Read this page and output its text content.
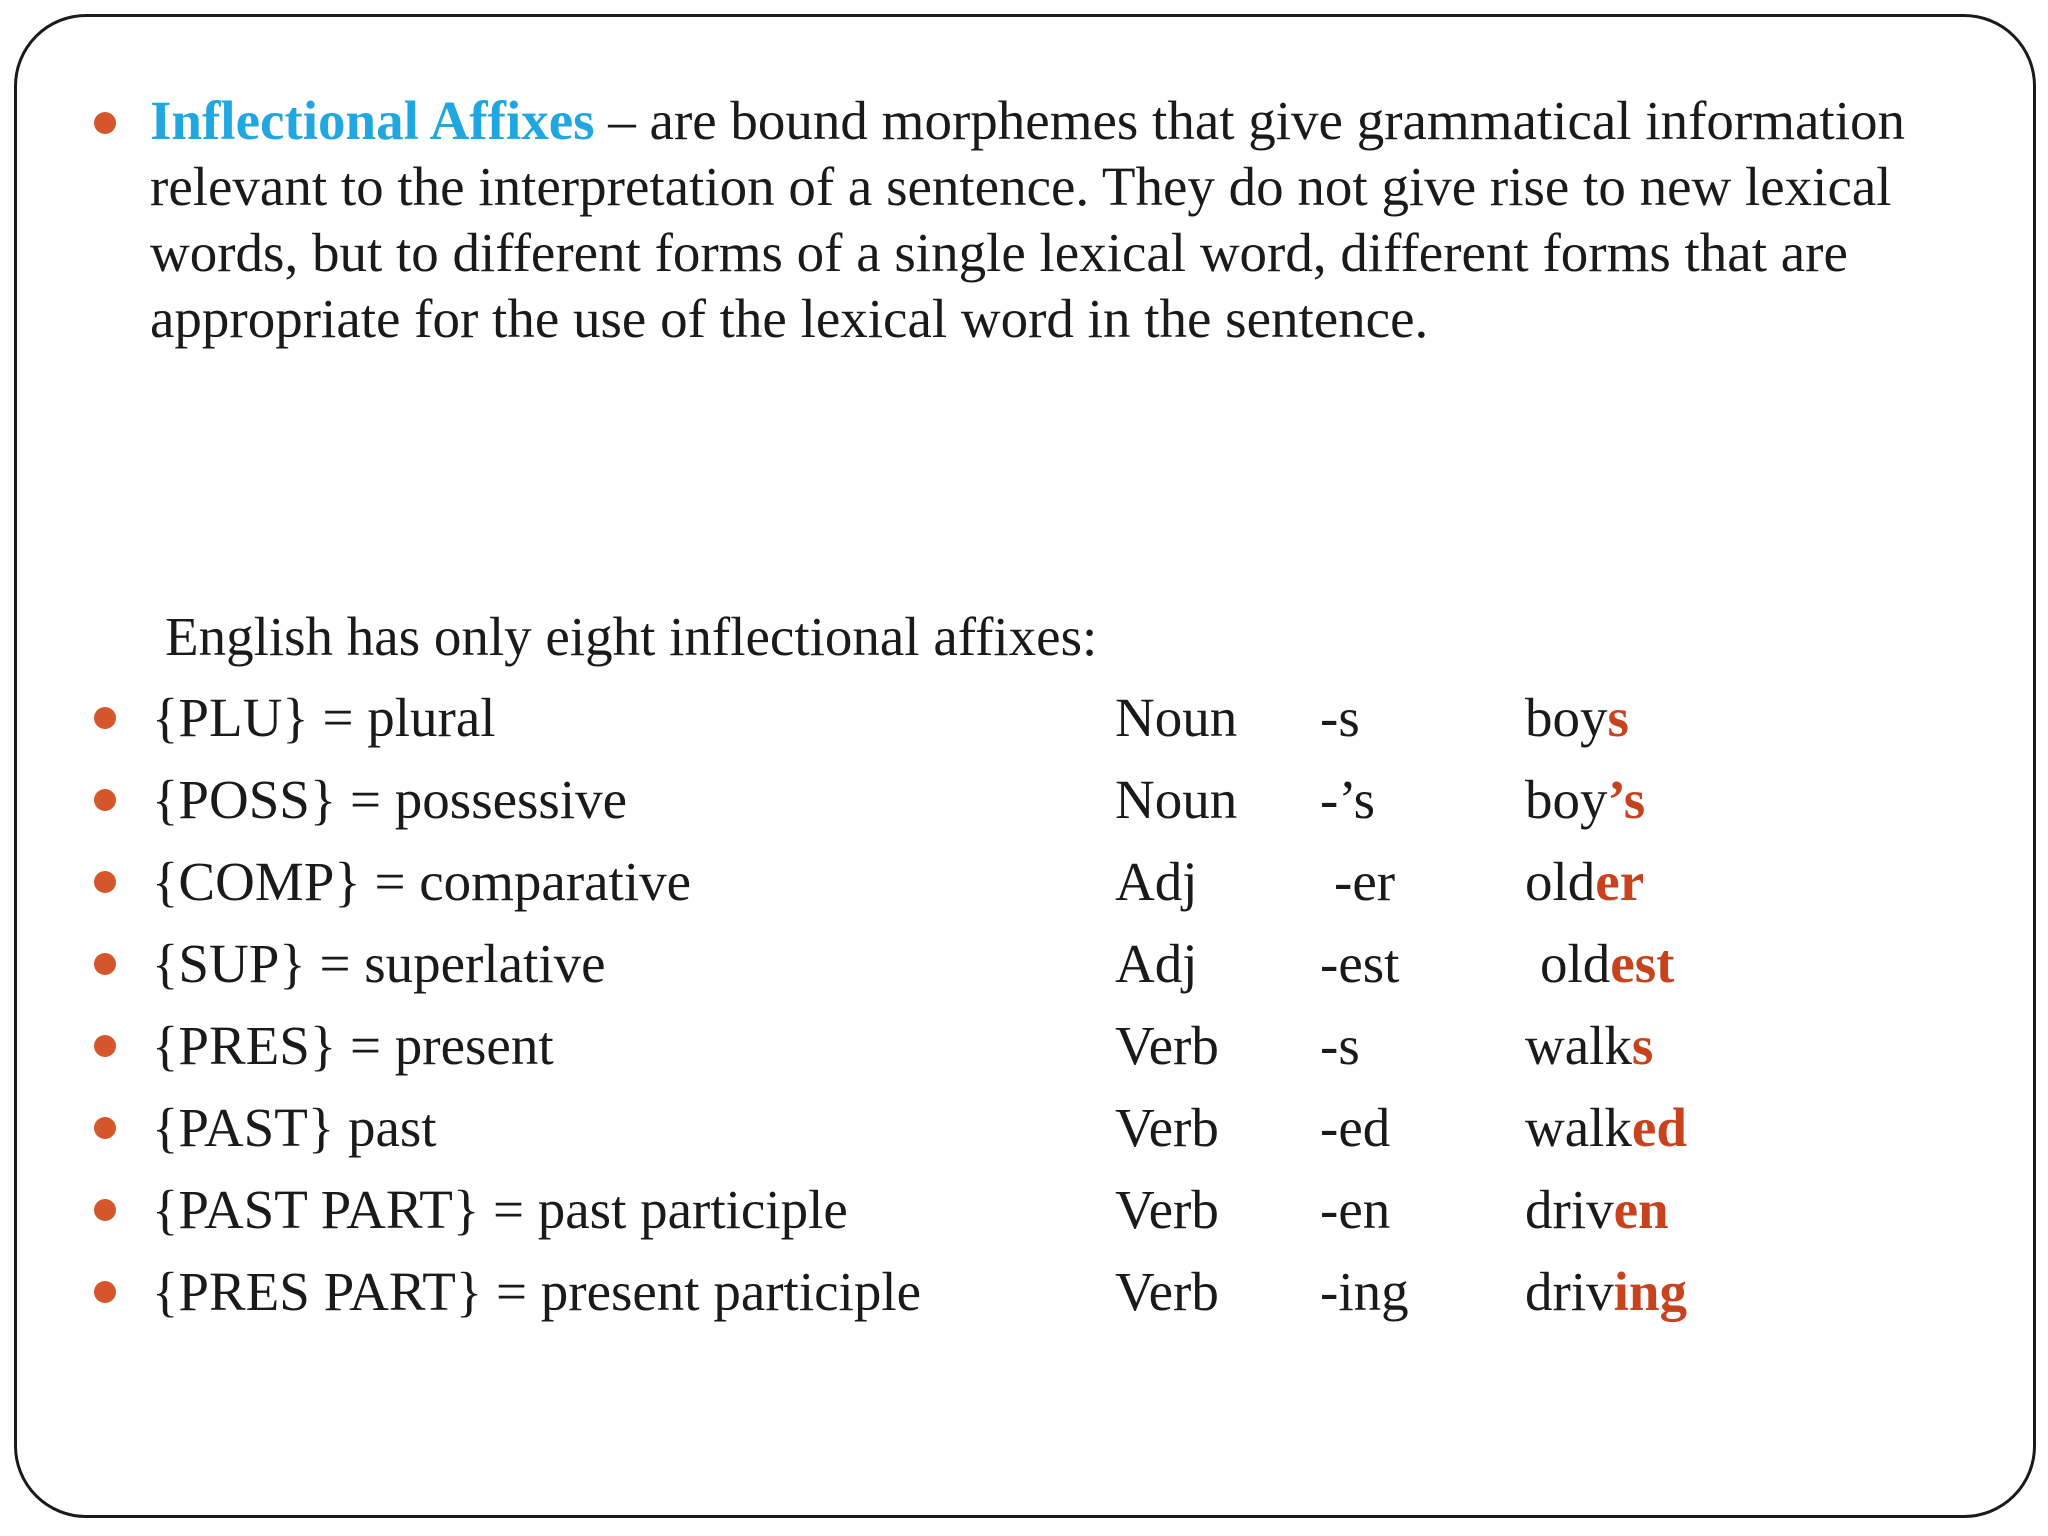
Inflectional Affixes – are bound morphemes that give grammatical information relevant to the interpretation of a sentence. They do not give rise to new lexical words, but to different forms of a single lexical word, different forms that are appropriate for the use of the lexical word in the sentence.
English has only eight inflectional affixes:
{PLU} = plural	Noun -s	boys
{POSS} = possessive	Noun -’s	boy’s
{COMP} = comparative	Adj -er older
{SUP} = superlative	Adj -est	oldest
{PRES} = present	Verb -s	walks
{PAST} past	Verb -ed walked
{PAST PART} = past participle	Verb -en driven
{PRES PART} = present participle	Verb -ing driving
